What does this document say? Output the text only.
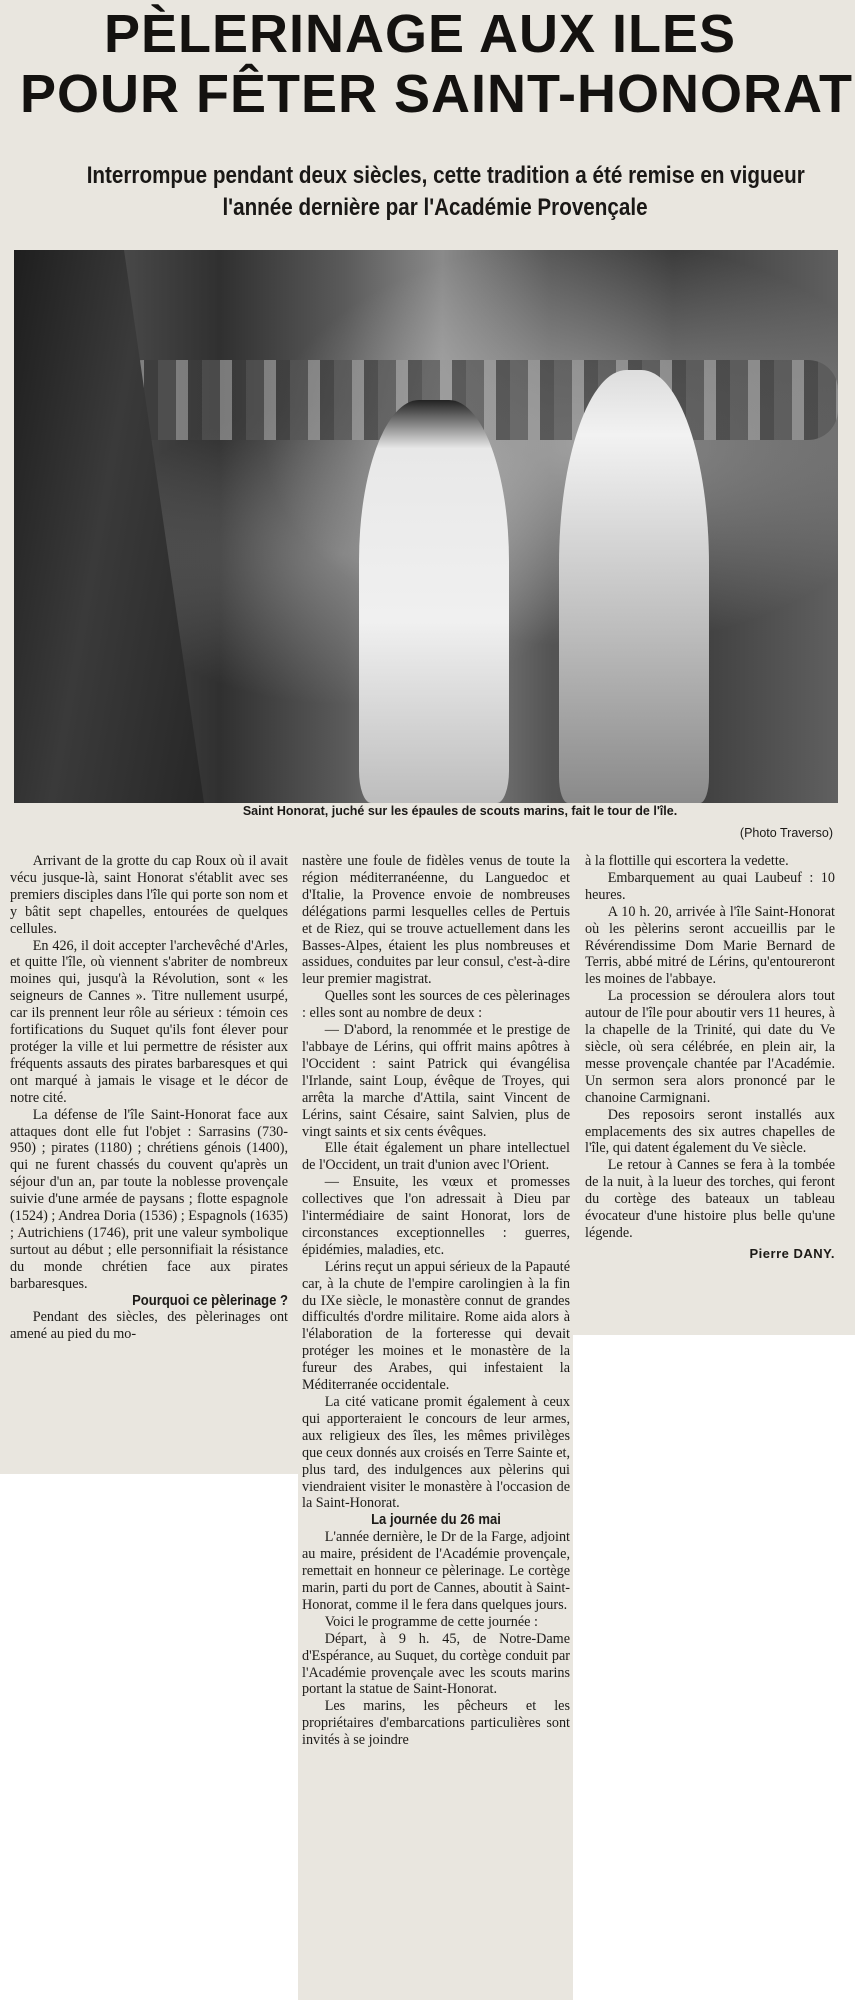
PÈLERINAGE AUX ILES
POUR FÊTER SAINT-HONORAT
Interrompue pendant deux siècles, cette tradition a été remise en vigueur
l'année dernière par l'Académie Provençale
Saint Honorat, juché sur les épaules de scouts marins, fait le tour de l'île.
(Photo Traverso)

Arrivant de la grotte du cap Roux où il avait vécu jusque-là, saint Honorat s'établit avec ses premiers disciples dans l'île qui porte son nom et y bâtit sept chapelles, entourées de quelques cellules.

En 426, il doit accepter l'archevêché d'Arles, et quitte l'île, où viennent s'abriter de nombreux moines qui, jusqu'à la Révolution, sont « les seigneurs de Cannes ». Titre nullement usurpé, car ils prennent leur rôle au sérieux : témoin ces fortifications du Suquet qu'ils font élever pour protéger la ville et lui permettre de résister aux fréquents assauts des pirates barbaresques et qui ont marqué à jamais le visage et le décor de notre cité.

La défense de l'île Saint-Honorat face aux attaques dont elle fut l'objet : Sarrasins (730-950) ; pirates (1180) ; chrétiens génois (1400), qui ne furent chassés du couvent qu'après un séjour d'un an, par toute la noblesse provençale suivie d'une armée de paysans ; flotte espagnole (1524) ; Andrea Doria (1536) ; Espagnols (1635) ; Autrichiens (1746), prit une valeur symbolique surtout au début ; elle personnifiait la résistance du monde chrétien face aux pirates barbaresques.

Pourquoi ce pèlerinage ?

Pendant des siècles, des pèlerinages ont amené au pied du mo-

nastère une foule de fidèles venus de toute la région méditerranéenne, du Languedoc et d'Italie, la Provence envoie de nombreuses délégations parmi lesquelles celles de Pertuis et de Riez, qui se trouve actuellement dans les Basses-Alpes, étaient les plus nombreuses et assidues, conduites par leur consul, c'est-à-dire leur premier magistrat.

Quelles sont les sources de ces pèlerinages : elles sont au nombre de deux :

— D'abord, la renommée et le prestige de l'abbaye de Lérins, qui offrit mains apôtres à l'Occident : saint Patrick qui évangélisa l'Irlande, saint Loup, évêque de Troyes, qui arrêta la marche d'Attila, saint Vincent de Lérins, saint Césaire, saint Salvien, plus de vingt saints et six cents évêques.

Elle était également un phare intellectuel de l'Occident, un trait d'union avec l'Orient.

— Ensuite, les vœux et promesses collectives que l'on adressait à Dieu par l'intermédiaire de saint Honorat, lors de circonstances exceptionnelles : guerres, épidémies, maladies, etc.

Lérins reçut un appui sérieux de la Papauté car, à la chute de l'empire carolingien à la fin du IXe siècle, le monastère connut de grandes difficultés d'ordre militaire. Rome aida alors à l'élaboration de la forteresse qui devait protéger les moines et le monastère de la fureur des Arabes, qui infestaient la Méditerranée occidentale.

La cité vaticane promit également à ceux qui apporteraient le concours de leur armes, aux religieux des îles, les mêmes privilèges que ceux donnés aux croisés en Terre Sainte et, plus tard, des indulgences aux pèlerins qui viendraient visiter le monastère à l'occasion de la Saint-Honorat.

La journée du 26 mai

L'année dernière, le Dr de la Farge, adjoint au maire, président de l'Académie provençale, remettait en honneur ce pèlerinage. Le cortège marin, parti du port de Cannes, aboutit à Saint-Honorat, comme il le fera dans quelques jours.

Voici le programme de cette journée :

Départ, à 9 h. 45, de Notre-Dame d'Espérance, au Suquet, du cortège conduit par l'Académie provençale avec les scouts marins portant la statue de Saint-Honorat.

Les marins, les pêcheurs et les propriétaires d'embarcations particulières sont invités à se joindre

à la flottille qui escortera la vedette.

Embarquement au quai Laubeuf : 10 heures.

A 10 h. 20, arrivée à l'île Saint-Honorat où les pèlerins seront accueillis par le Révérendissime Dom Marie Bernard de Terris, abbé mitré de Lérins, qu'entoureront les moines de l'abbaye.

La procession se déroulera alors tout autour de l'île pour aboutir vers 11 heures, à la chapelle de la Trinité, qui date du Ve siècle, où sera célébrée, en plein air, la messe provençale chantée par l'Académie. Un sermon sera alors prononcé par le chanoine Carmignani.

Des reposoirs seront installés aux emplacements des six autres chapelles de l'île, qui datent également du Ve siècle.

Le retour à Cannes se fera à la tombée de la nuit, à la lueur des torches, qui feront du cortège des bateaux un tableau évocateur d'une histoire plus belle qu'une légende.

Pierre DANY.
